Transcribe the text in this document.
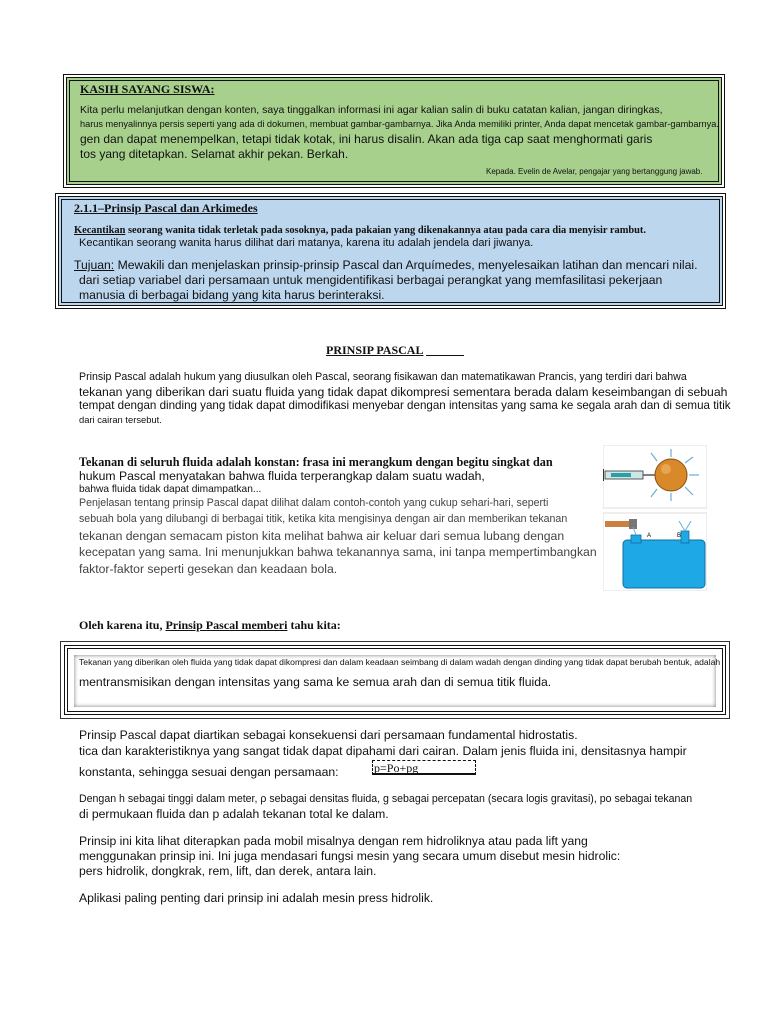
KASIH SAYANG SISWA:
Kita perlu melanjutkan dengan konten, saya tinggalkan informasi ini agar kalian salin di buku catatan kalian, jangan diringkas,
harus menyalinnya persis seperti yang ada di dokumen, membuat gambar-gambarnya. Jika Anda memiliki printer, Anda dapat mencetak gambar-gambarnya.
gen dan dapat menempelkan, tetapi tidak kotak, ini harus disalin. Akan ada tiga cap saat menghormati garis
tos yang ditetapkan. Selamat akhir pekan. Berkah.
Kepada. Evelin de Avelar, pengajar yang bertanggung jawab.
2.1.1–Prinsip Pascal dan Arkimedes
Kecantikan seorang wanita tidak terletak pada sosoknya, pada pakaian yang dikenakannya atau pada cara dia menyisir rambut.
Kecantikan seorang wanita harus dilihat dari matanya, karena itu adalah jendela dari jiwanya.
Tujuan: Mewakili dan menjelaskan prinsip-prinsip Pascal dan Arquímedes, menyelesaikan latihan dan mencari nilai.
dari setiap variabel dari persamaan untuk mengidentifikasi berbagai perangkat yang memfasilitasi pekerjaan
manusia di berbagai bidang yang kita harus berinteraksi.
PRINSIP PASCAL
Prinsip Pascal adalah hukum yang diusulkan oleh Pascal, seorang fisikawan dan matematikawan Prancis, yang terdiri dari bahwa
tekanan yang diberikan dari suatu fluida yang tidak dapat dikompresi sementara berada dalam keseimbangan di sebuah
tempat dengan dinding yang tidak dapat dimodifikasi menyebar dengan intensitas yang sama ke segala arah dan di semua titik
dari cairan tersebut.
Tekanan di seluruh fluida adalah konstan: frasa ini merangkum dengan begitu singkat dan
hukum Pascal menyatakan bahwa fluida terperangkap dalam suatu wadah,
bahwa fluida tidak dapat dimampatkan...
Penjelasan tentang prinsip Pascal dapat dilihat dalam contoh-contoh yang cukup sehari-hari, seperti
sebuah bola yang dilubangi di berbagai titik, ketika kita mengisinya dengan air dan memberikan tekanan
tekanan dengan semacam piston kita melihat bahwa air keluar dari semua lubang dengan
kecepatan yang sama. Ini menunjukkan bahwa tekanannya sama, ini tanpa mempertimbangkan
faktor-faktor seperti gesekan dan keadaan bola.
A	B
Oleh karena itu, Prinsip Pascal memberi tahu kita:
Tekanan yang diberikan oleh fluida yang tidak dapat dikompresi dan dalam keadaan seimbang di dalam wadah dengan dinding yang tidak dapat berubah bentuk, adalah
mentransmisikan dengan intensitas yang sama ke semua arah dan di semua titik fluida.
Prinsip Pascal dapat diartikan sebagai konsekuensi dari persamaan fundamental hidrostatis.
tica dan karakteristiknya yang sangat tidak dapat dipahami dari cairan. Dalam jenis fluida ini, densitasnya hampir
konstanta, sehingga sesuai dengan persamaan:	p=Po+pg
Dengan h sebagai tinggi dalam meter, ρ sebagai densitas fluida, g sebagai percepatan (secara logis gravitasi), po sebagai tekanan
di permukaan fluida dan p adalah tekanan total ke dalam.
Prinsip ini kita lihat diterapkan pada mobil misalnya dengan rem hidroliknya atau pada lift yang
menggunakan prinsip ini. Ini juga mendasari fungsi mesin yang secara umum disebut mesin hidrolic:
pers hidrolik, dongkrak, rem, lift, dan derek, antara lain.
Aplikasi paling penting dari prinsip ini adalah mesin press hidrolik.
